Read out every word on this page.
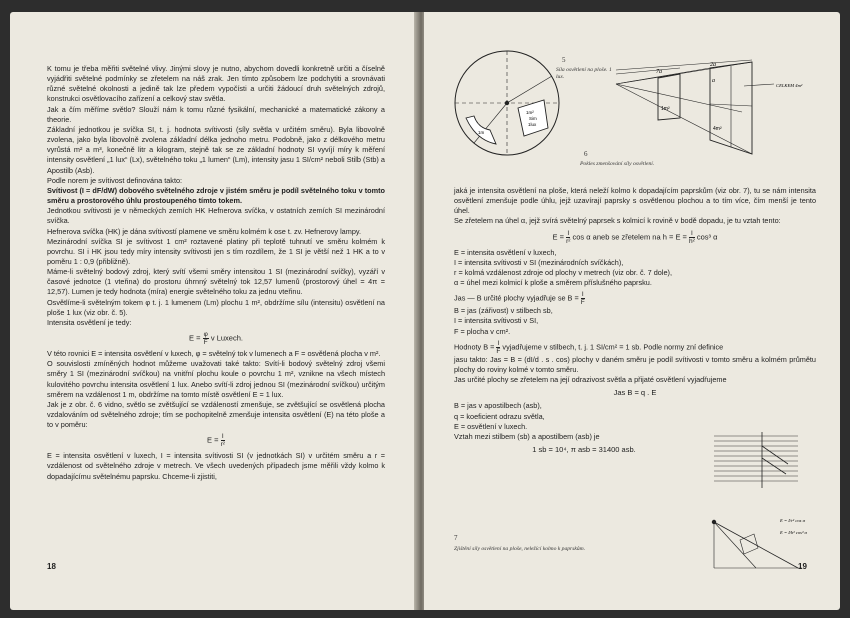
K tomu je třeba měřiti světelné vlivy. Jinými slovy je nutno, abychom dovedli konkretně určiti a číselně vyjádřiti světelné podmínky se zřetelem na náš zrak. Jen tímto způsobem lze podchytiti a srovnávati různé světelné okolnosti a jedině tak lze předem vypočísti a určiti žádoucí druh světelných zdrojů, konstrukci osvětlovacího zařízení a celkový stav světla.

Jak a čím měříme světlo? Slouží nám k tomu různé fysikální, mechanické a matematické zákony a theorie.

Základní jednotkou je svíčka SI, t. j. hodnota svítivosti (síly světla v určitém směru). Byla libovolně zvolena, jako byla libovolně zvolena základní délka jednoho metru. Podobně, jako z délkového metru vyrůstá m² a m³, konečně litr a kilogram, stejně tak se ze základní hodnoty SI vyvíjí míry k měření intensity osvětlení „1 lux“ (Lx), světelného toku „1 lumen“ (Lm), intensity jasu 1 SI/cm² neboli Stilb (Stb) a Apostilb (Asb).

Podle norem je svítivost definována takto:

Svítivost (I = dF/dW) dobového světelného zdroje v jistém směru je podíl světelného toku v tomto směru a prostorového úhlu prostoupeného tímto tokem.

Jednotkou svítivosti je v německých zemích HK Hefnerova svíčka, v ostatních zemích SI mezinárodní svíčka.

Hefnerova svíčka (HK) je dána svítivostí plamene ve směru kolmém k ose t. zv. Hefnerovy lampy.

Mezinárodní svíčka SI je svítivost 1 cm² roztavené platiny při teplotě tuhnutí ve směru kolmém k povrchu. SI i HK jsou tedy míry intensity svítivosti jen s tím rozdílem, že 1 SI je větší než 1 HK a to v poměru 1 : 0,9 (přibližně).

Máme-li světelný bodový zdroj, který svítí všemi směry intensitou 1 SI (mezinárodní svíčky), vyzáří v časové jednotce (1 vteřina) do prostoru úhrnný světelný tok 12,57 lumenů (prostorový úhel = 4π = 12,57). Lumen je tedy hodnota (míra) energie světelného toku za jednu vteřinu.

Osvětlíme-li světelným tokem φ t. j. 1 lumenem (Lm) plochu 1 m², obdržíme sílu (intensitu) osvětlení na ploše 1 lux (viz obr. č. 5).

Intensita osvětlení je tedy:

$E = \frac{\varphi}{F}$ v Luxech.

V této rovnici E = intensita osvětlení v luxech, φ = světelný tok v lumenech a F = osvětlená plocha v m².

O souvislosti zmíněných hodnot můžeme uvažovati také takto: Svítí-li bodový světelný zdroj všemi směry 1 SI (mezinárodní svíčkou) na vnitřní plochu koule o povrchu 1 m², vznikne na všech místech kulovitého povrchu intensita osvětlení 1 lux. Anebo svítí-li zdroj jednou SI (mezinárodní svíčkou) určitým směrem na vzdálenost 1 m, obdržíme na tomto místě osvětlení E = 1 lux.

Jak je z obr. č. 6 vidno, světlo se zvětšující se vzdáleností zmenšuje, se zvětšující se osvětlená plocha vzdalováním od světelného zdroje; tím se pochopitelně zmenšuje intensita osvětlení (E) na této ploše a to v poměru:

$E = \frac{I}{\text{r²}}$

E = intensita osvětlení v luxech, I = intensita svítivosti SI (v jednotkách SI) v určitém směru a r = vzdálenost od světelného zdroje v metrech. Ve všech uvedených případech jsme měřili vždy kolmo k dopadajícímu světelnému paprsku. Chceme-li zjistiti,

18
1m²
Sim
1lux
1m
5
Síla osvětlení na ploše. 1 lux.
2a
7a
a
1m²
4m²
CELKEM 4m²
6
Pokles zmenšování síly osvětlení.

jaká je intensita osvětlení na ploše, která neleží kolmo k dopadajícím paprskům (viz obr. 7), tu se nám intensita osvětlení zmenšuje podle úhlu, jejž uzavírají paprsky s osvětlenou plochou a to tím více, čím menší je tento úhel.

Se zřetelem na úhel α, jejž svírá světelný paprsek s kolmicí k rovině v bodě dopadu, je tu vztah tento:

$E = \frac{I}{\text{r²}}$ cos α aneb se zřetelem na $h = E = \frac{I}{\text{h²}} \cos^3$ α

E = intensita osvětlení v luxech,

I = intensita svítivosti v SI (mezinárodních svíčkách),

r = kolmá vzdálenost zdroje od plochy v metrech (viz obr. č. 7 dole),

α = úhel mezi kolmicí k ploše a směrem příslušného paprsku.

Jas — B určité plochy vyjadřuje se $B = \frac{I}{F}$

B = jas (zářivost) v stilbech sb,

I = intensita svítivosti v SI,

F = plocha v cm².

Hodnoty $B = \frac{I}{F}$ vyjadřujeme v stilbech, t. j. 1 SI/cm² = 1 sb. Podle normy zní definice

jasu takto: Jas = B = (dI/d . s . cos) plochy v daném směru je podíl svítivosti v tomto směru a kolmém průmětu plochy do roviny kolmé v tomto směru.

Jas určité plochy se zřetelem na její odrazivost světla a přijaté osvětlení vyjadřujeme

Jas B = q . E

B = jas v apostilbech (asb),

q = koeficient odrazu světla,

E = osvětlení v luxech.

Vztah mezi stilbem (sb) a apostilbem (asb) je

1 sb = 10⁴, π asb = 31400 asb.
E = I/r² cos α
E = I/h² cos³ α
7
Zjištění síly osvětlení na ploše, neležící kolmo k paprskům.
19
